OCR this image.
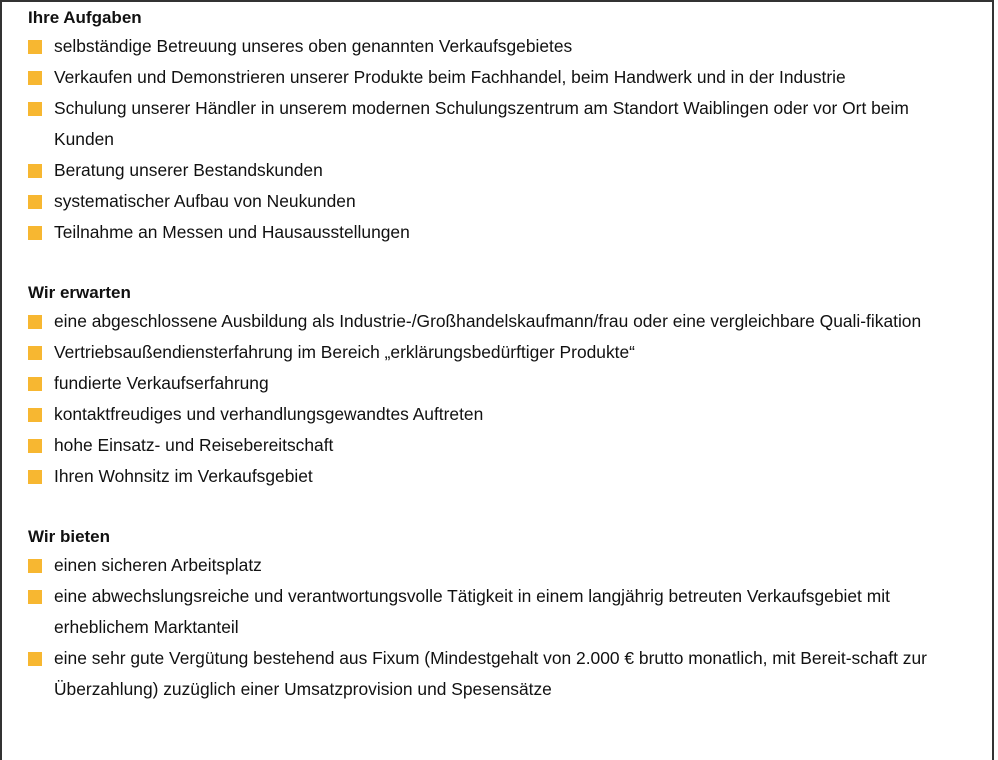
Ihre Aufgaben
selbständige Betreuung unseres oben genannten Verkaufsgebietes
Verkaufen und Demonstrieren unserer Produkte beim Fachhandel, beim Handwerk und in der Industrie
Schulung unserer Händler in unserem modernen Schulungszentrum am Standort Waiblingen oder vor Ort beim Kunden
Beratung unserer Bestandskunden
systematischer Aufbau von Neukunden
Teilnahme an Messen und Hausausstellungen
Wir erwarten
eine abgeschlossene Ausbildung als Industrie-/Großhandelskaufmann/frau oder eine vergleichbare Quali-fikation
Vertriebsaußendiensterfahrung im Bereich „erklärungsbedürftiger Produkte“
fundierte Verkaufserfahrung
kontaktfreudiges und verhandlungsgewandtes Auftreten
hohe Einsatz- und Reisebereitschaft
Ihren Wohnsitz im Verkaufsgebiet
Wir bieten
einen sicheren Arbeitsplatz
eine abwechslungsreiche und verantwortungsvolle Tätigkeit in einem langjährig betreuten Verkaufsgebiet mit erheblichem Marktanteil
eine sehr gute Vergütung bestehend aus Fixum (Mindestgehalt von 2.000 € brutto monatlich, mit Bereit-schaft zur Überzahlung) zuzüglich einer Umsatzprovision und Spesensätze
